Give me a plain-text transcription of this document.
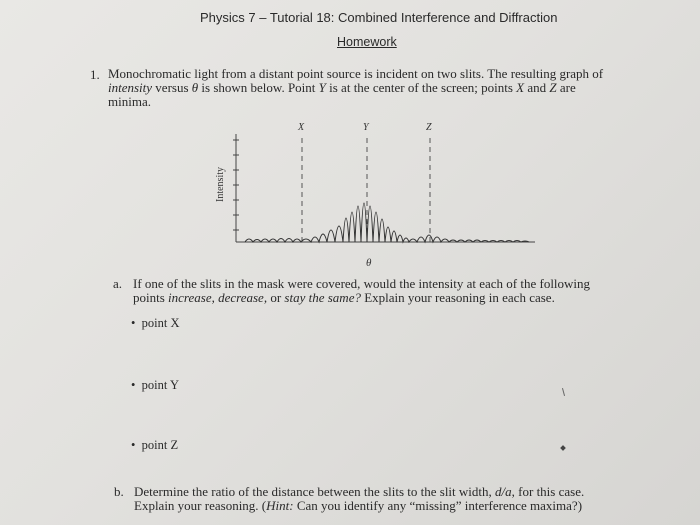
Physics 7 – Tutorial 18: Combined Interference and Diffraction
Homework
1. Monochromatic light from a distant point source is incident on two slits. The resulting graph of
intensity versus θ is shown below. Point Y is at the center of the screen; points X and Z are
minima.
X	Y	Z
Intensity
θ
a. If one of the slits in the mask were covered, would the intensity at each of the following
points increase, decrease, or stay the same? Explain your reasoning in each case.
•  point X
•  point Y
•  point Z
b. Determine the ratio of the distance between the slits to the slit width, d/a, for this case.
Explain your reasoning. (Hint: Can you identify any “missing” interference maxima?)
